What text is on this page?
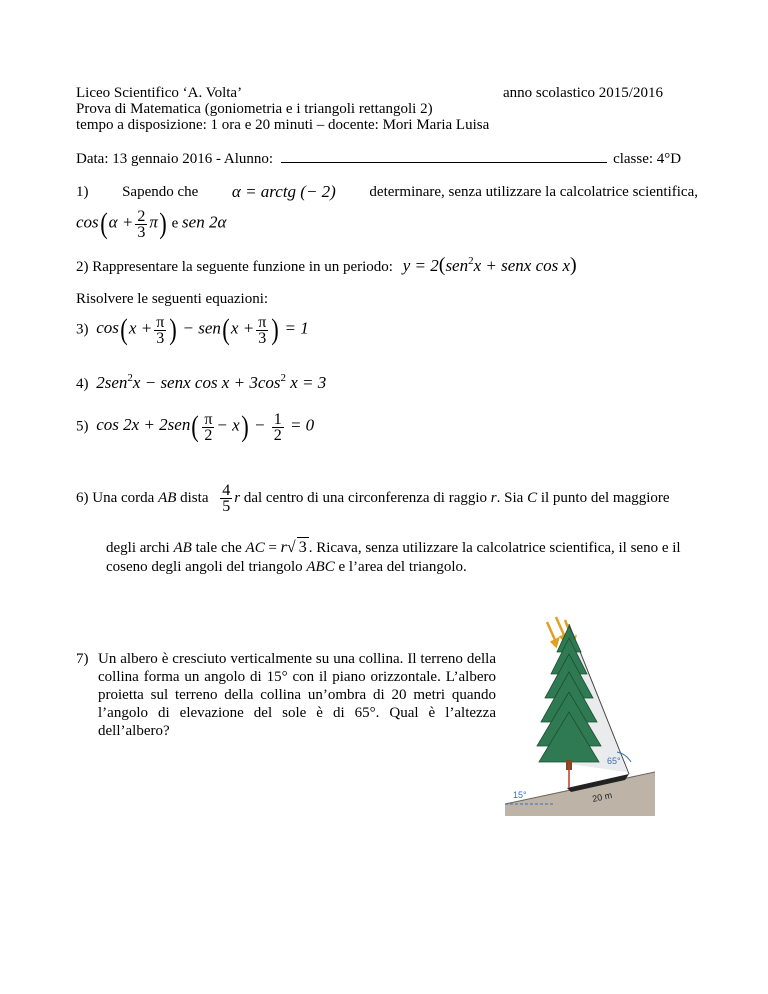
Liceo Scientifico ‘A. Volta’	anno scolastico 2015/2016
Prova di Matematica (goniometria e i triangoli rettangoli 2)
tempo a disposizione: 1 ora e 20 minuti – docente: Mori Maria Luisa
Data: 13 gennaio 2016 - Alunno:	classe: 4°D
1) Sapendo che α = arctg (− 2) determinare, senza utilizzare la calcolatrice scientifica,
$\cos(\alpha + \frac{2}{3} \pi)$ e sen 2α
2) Rappresentare la seguente funzione in un periodo: y = 2(sen$^2$x + senx cos x)
Risolvere le seguenti equazioni:
3) $\cos(x + \frac{\pi}{3}$ ) − $sen(x + \frac{\pi}{3}$ ) = 1
4) 2sen$^2$x − senx $\cos x + 3\cos^2$ x = 3
5) $\cos 2x + 2sen( \frac{\pi}{2} - x) - \frac{1}{2} = 0$
6) Una corda AB dista $\frac{4}{5}$ r dal centro di una circonferenza di raggio r. Sia C il punto del maggiore
degli archi AB tale che AC = r√ 3 . Ricava, senza utilizzare la calcolatrice scientifica, il seno e il
coseno degli angoli del triangolo ABC e l’area del triangolo.
7) Un albero è cresciuto verticalmente su una collina. Il terreno della collina forma un angolo di 15° con il piano orizzontale. L’albero proietta sul terreno della collina un’ombra di 20 metri quando l’angolo di elevazione del sole è di 65°. Qual è l’altezza dell’albero?
65°
15°	20 m
